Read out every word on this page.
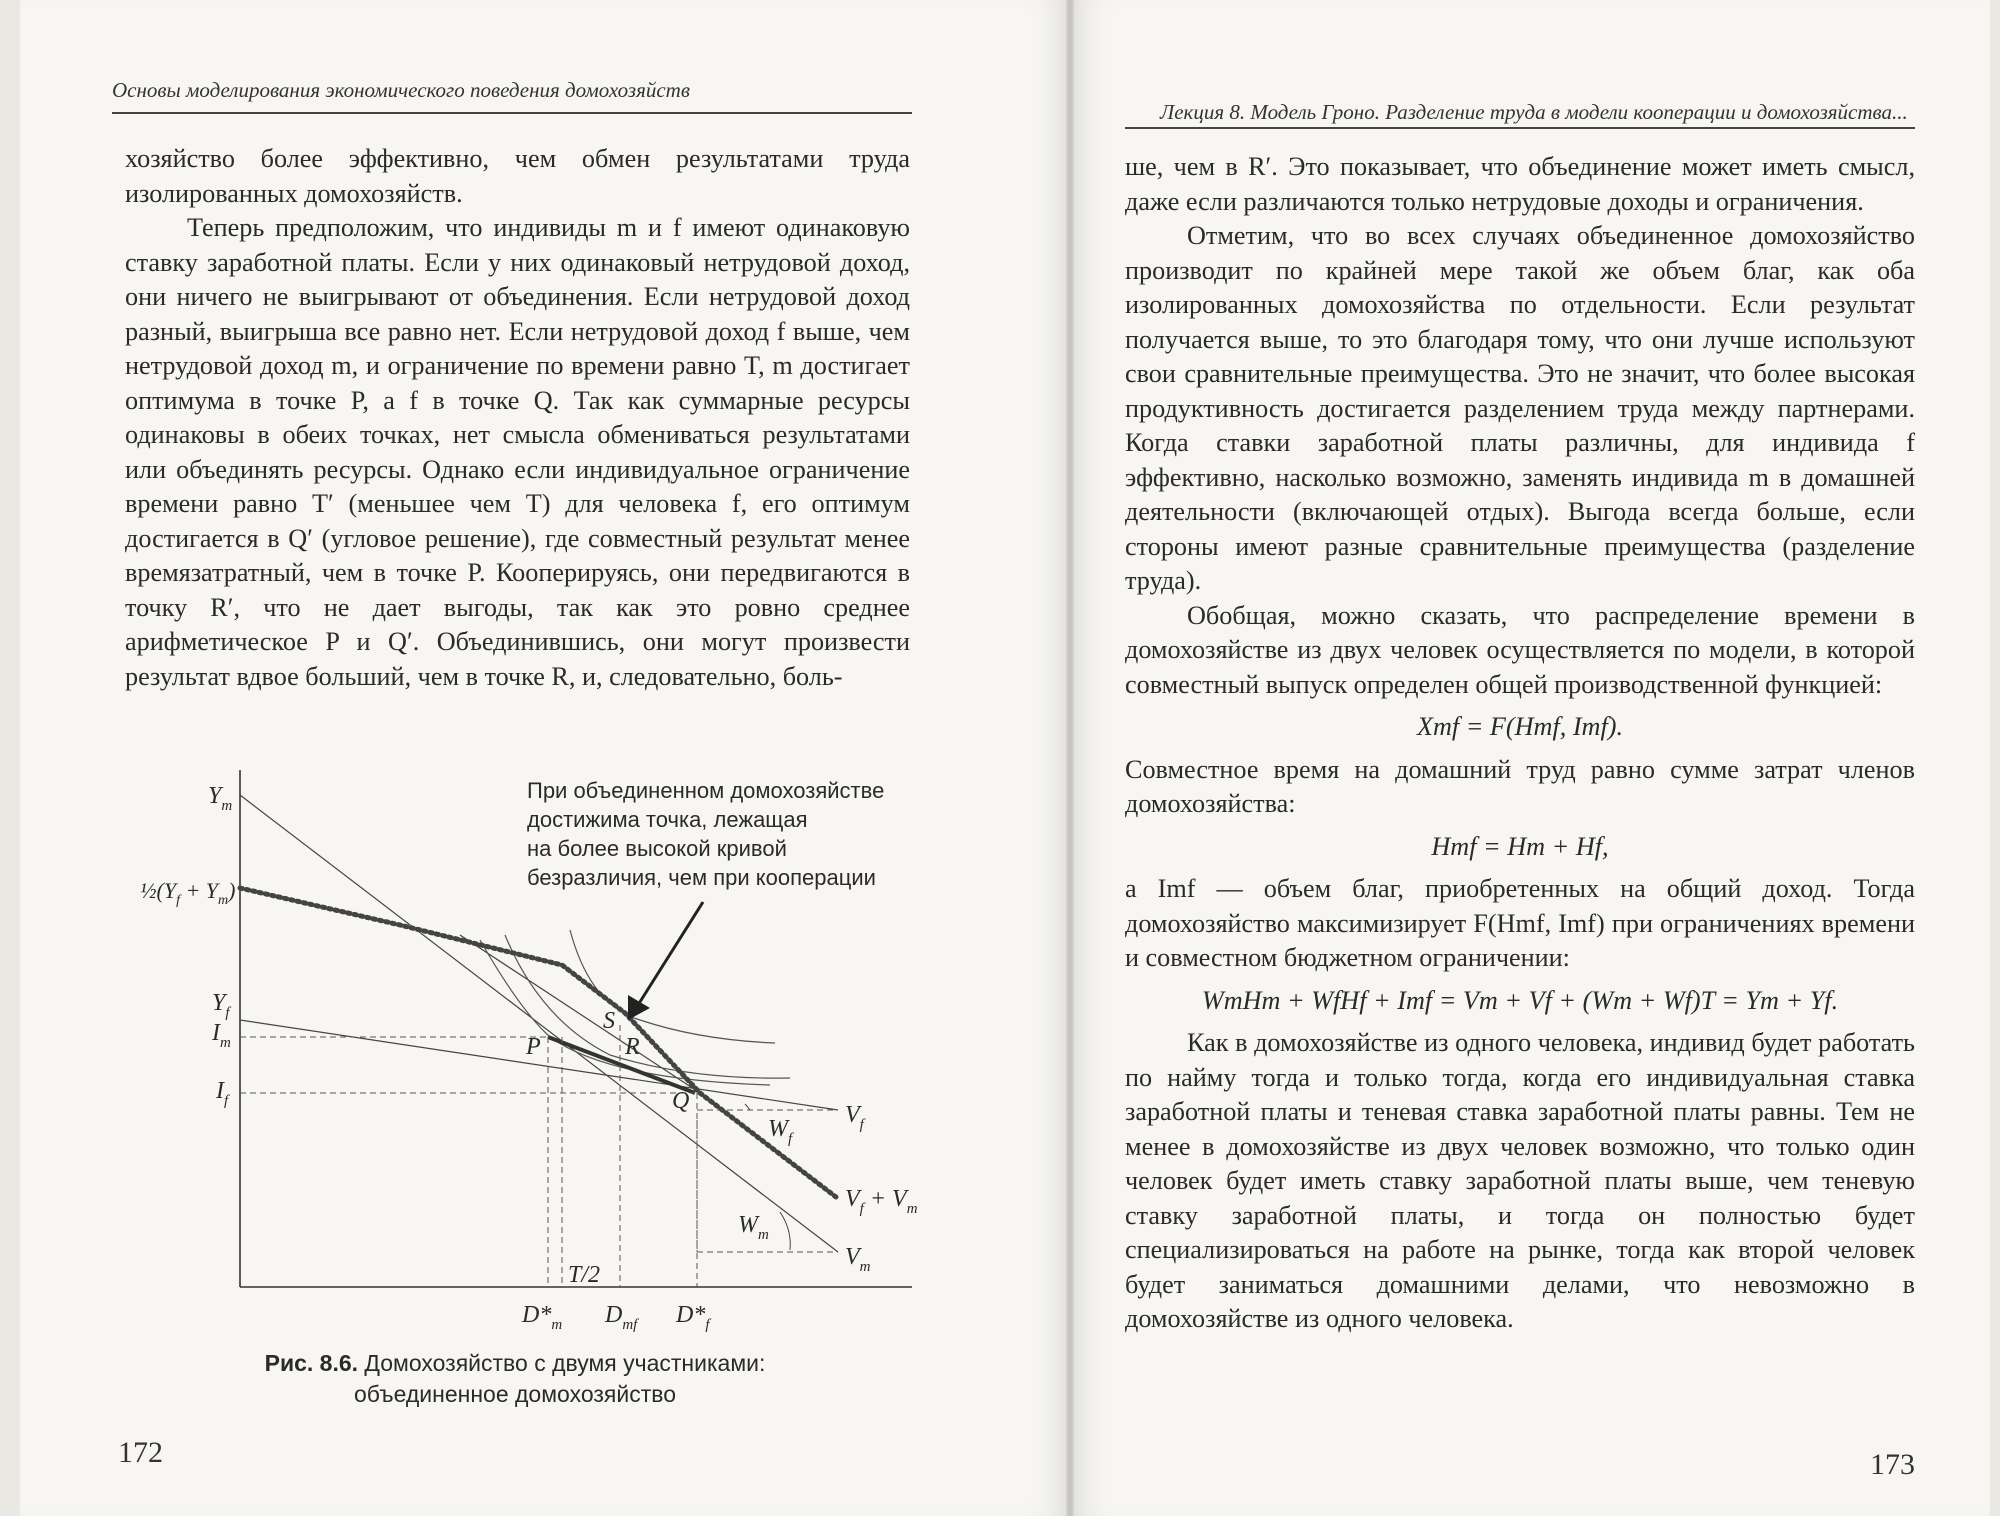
Основы моделирования экономического поведения домохозяйств

хозяйство более эффективно, чем обмен результатами труда изолированных домохозяйств.

Теперь предположим, что индивиды m и f имеют одинаковую ставку заработной платы. Если у них одинаковый нетрудовой доход, они ничего не выигрывают от объединения. Если нетрудовой доход разный, выигрыша все равно нет. Если нетрудовой доход f выше, чем нетрудовой доход m, и ограничение по времени равно T, m достигает оптимума в точке P, а f в точке Q. Так как суммарные ресурсы одинаковы в обеих точках, нет смысла обмениваться результатами или объединять ресурсы. Однако если индивидуальное ограничение времени равно T′ (меньшее чем T) для человека f, его оптимум достигается в Q′ (угловое решение), где совместный результат менее времязатратный, чем в точке P. Кооперируясь, они передвигаются в точку R′, что не дает выгоды, так как это ровно среднее арифметическое P и Q′. Объединившись, они могут произвести результат вдвое больший, чем в точке R, и, следовательно, боль-

При объединенном домохозяйстве
достижима точка, лежащая
на более высокой кривой
безразличия, чем при кооперации
$Y_m$
$\frac{1}{2}(Y_f + Y_m)$
$Y_f$
$I_m$
$I_f$
P	R
S
Q
$V_f$
$V_f + V_m$
$V_m$
$W_f$
$W_m$
T/2
$D*_m$ $D_{mf}$ $D*_f$
Рис. 8.6. Домохозяйство с двумя участниками: объединенное домохозяйство
172
Лекция 8. Модель Гроно. Разделение труда в модели кооперации и домохозяйства...

ше, чем в R′. Это показывает, что объединение может иметь смысл, даже если различаются только нетрудовые доходы и ограничения.

Отметим, что во всех случаях объединенное домохозяйство производит по крайней мере такой же объем благ, как оба изолированных домохозяйства по отдельности. Если результат получается выше, то это благодаря тому, что они лучше используют свои сравнительные преимущества. Это не значит, что более высокая продуктивность достигается разделением труда между партнерами. Когда ставки заработной платы различны, для индивида f эффективно, насколько возможно, заменять индивида m в домашней деятельности (включающей отдых). Выгода всегда больше, если стороны имеют разные сравнительные преимущества (разделение труда).

Обобщая, можно сказать, что распределение времени в домохозяйстве из двух человек осуществляется по модели, в которой совместный выпуск определен общей производственной функцией:

Xmf = F(Hmf, Imf).

Совместное время на домашний труд равно сумме затрат членов домохозяйства:

Hmf = Hm + Hf,

а Imf — объем благ, приобретенных на общий доход. Тогда домохозяйство максимизирует F(Hmf, Imf) при ограничениях времени и совместном бюджетном ограничении:

WmHm + WfHf + Imf = Vm + Vf + (Wm + Wf)T = Ym + Yf.

Как в домохозяйстве из одного человека, индивид будет работать по найму тогда и только тогда, когда его индивидуальная ставка заработной платы и теневая ставка заработной платы равны. Тем не менее в домохозяйстве из двух человек возможно, что только один человек будет иметь ставку заработной платы выше, чем теневую ставку заработной платы, и тогда он полностью будет специализироваться на работе на рынке, тогда как второй человек будет заниматься домашними делами, что невозможно в домохозяйстве из одного человека.

173
